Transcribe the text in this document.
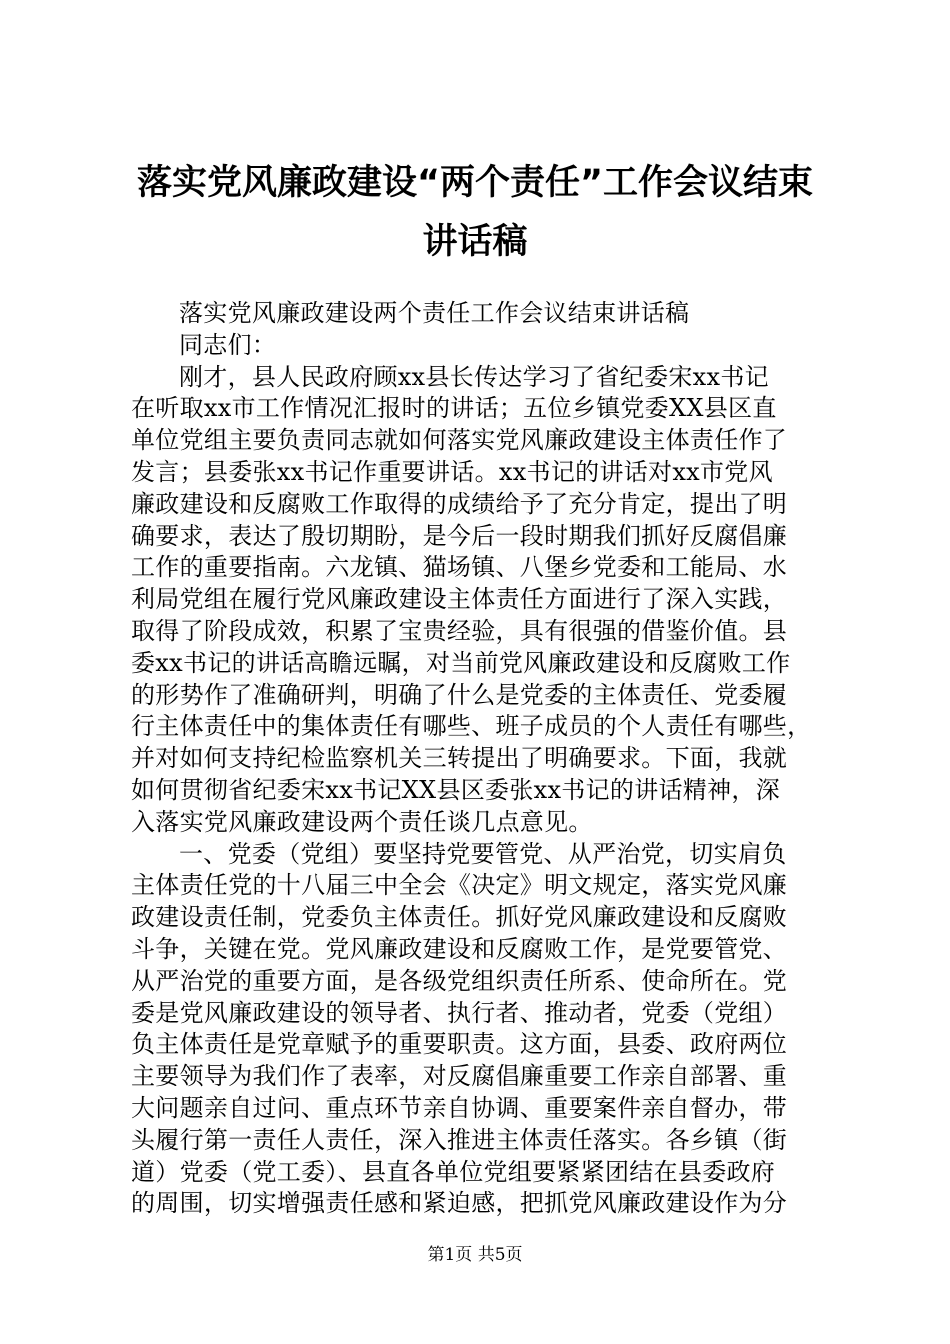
落实党风廉政建设“两个责任”工作会议结束
讲话稿
落实党风廉政建设两个责任工作会议结束讲话稿
同志们：
刚才，县人民政府顾xx县长传达学习了省纪委宋xx书记
在听取xx市工作情况汇报时的讲话；五位乡镇党委XX县区直
单位党组主要负责同志就如何落实党风廉政建设主体责任作了
发言；县委张xx书记作重要讲话。xx书记的讲话对xx市党风
廉政建设和反腐败工作取得的成绩给予了充分肯定，提出了明
确要求，表达了殷切期盼，是今后一段时期我们抓好反腐倡廉
工作的重要指南。六龙镇、猫场镇、八堡乡党委和工能局、水
利局党组在履行党风廉政建设主体责任方面进行了深入实践，
取得了阶段成效，积累了宝贵经验，具有很强的借鉴价值。县
委xx书记的讲话高瞻远瞩，对当前党风廉政建设和反腐败工作
的形势作了准确研判，明确了什么是党委的主体责任、党委履
行主体责任中的集体责任有哪些、班子成员的个人责任有哪些，
并对如何支持纪检监察机关三转提出了明确要求。下面，我就
如何贯彻省纪委宋xx书记XX县区委张xx书记的讲话精神，深
入落实党风廉政建设两个责任谈几点意见。
一、党委（党组）要坚持党要管党、从严治党，切实肩负
主体责任党的十八届三中全会《决定》明文规定，落实党风廉
政建设责任制，党委负主体责任。抓好党风廉政建设和反腐败
斗争，关键在党。党风廉政建设和反腐败工作，是党要管党、
从严治党的重要方面，是各级党组织责任所系、使命所在。党
委是党风廉政建设的领导者、执行者、推动者，党委（党组）
负主体责任是党章赋予的重要职责。这方面，县委、政府两位
主要领导为我们作了表率，对反腐倡廉重要工作亲自部署、重
大问题亲自过问、重点环节亲自协调、重要案件亲自督办，带
头履行第一责任人责任，深入推进主体责任落实。各乡镇（街
道）党委（党工委）、县直各单位党组要紧紧团结在县委政府
的周围，切实增强责任感和紧迫感，把抓党风廉政建设作为分
第1页 共5页
